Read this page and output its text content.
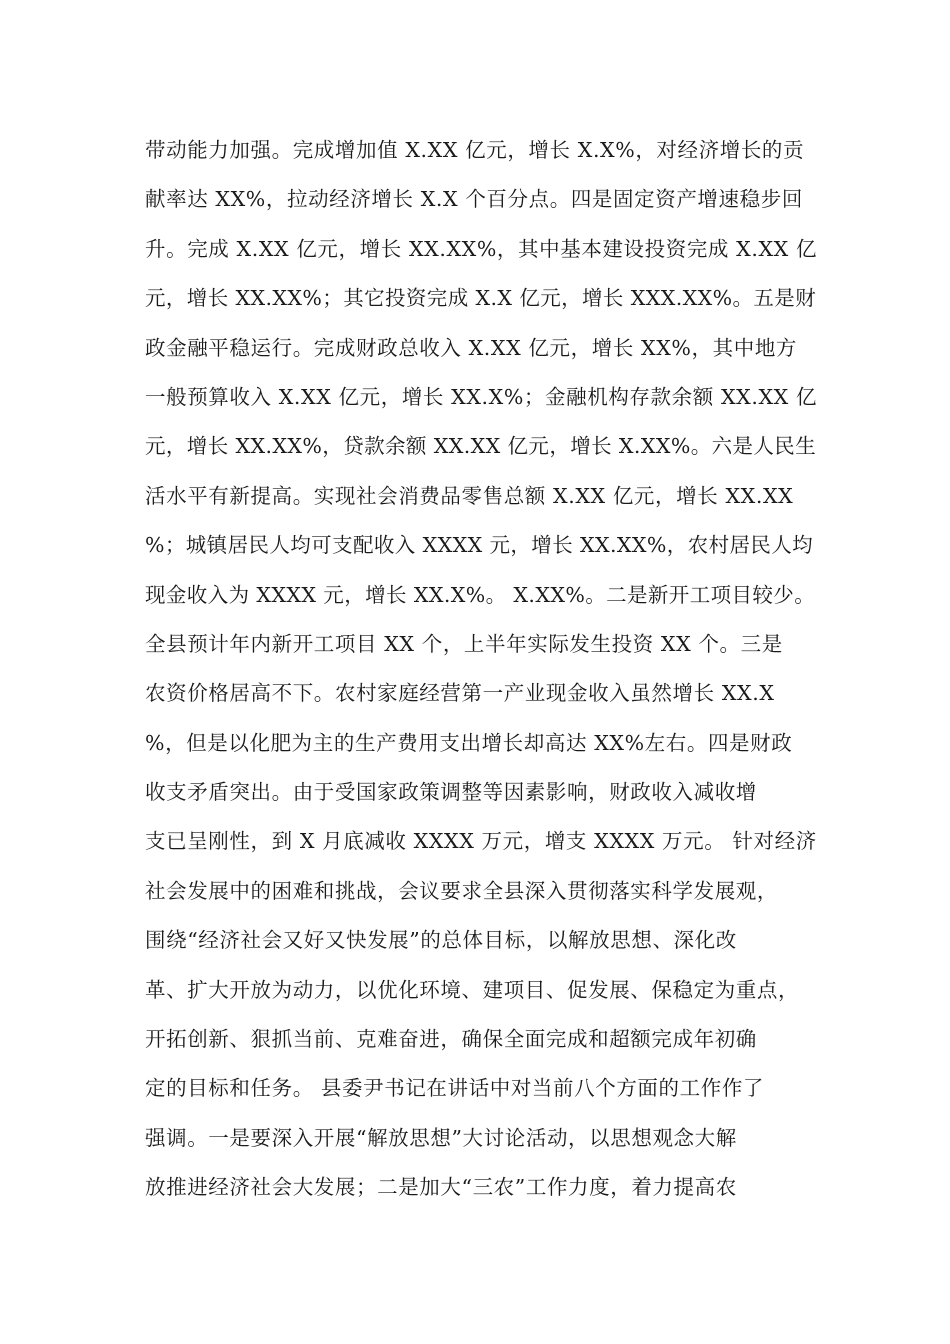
带动能力加强。完成增加值 X.XX 亿元，增长 X.X%，对经济增长的贡
献率达 XX%，拉动经济增长 X.X 个百分点。四是固定资产增速稳步回
升。完成 X.XX 亿元，增长 XX.XX%，其中基本建设投资完成 X.XX 亿
元，增长 XX.XX%；其它投资完成 X.X 亿元，增长 XXX.XX%。五是财
政金融平稳运行。完成财政总收入 X.XX 亿元，增长 XX%，其中地方
一般预算收入 X.XX 亿元，增长 XX.X%；金融机构存款余额 XX.XX 亿
元，增长 XX.XX%，贷款余额 XX.XX 亿元，增长 X.XX%。六是人民生
活水平有新提高。实现社会消费品零售总额 X.XX 亿元，增长 XX.XX
%；城镇居民人均可支配收入 XXXX 元，增长 XX.XX%，农村居民人均
现金收入为 XXXX 元，增长 XX.X%。 X.XX%。二是新开工项目较少。
全县预计年内新开工项目 XX 个，上半年实际发生投资 XX 个。三是
农资价格居高不下。农村家庭经营第一产业现金收入虽然增长 XX.X
%，但是以化肥为主的生产费用支出增长却高达 XX%左右。四是财政
收支矛盾突出。由于受国家政策调整等因素影响，财政收入减收增
支已呈刚性，到 X 月底减收 XXXX 万元，增支 XXXX 万元。 针对经济
社会发展中的困难和挑战，会议要求全县深入贯彻落实科学发展观，
围绕“经济社会又好又快发展”的总体目标，以解放思想、深化改
革、扩大开放为动力，以优化环境、建项目、促发展、保稳定为重点，
开拓创新、狠抓当前、克难奋进，确保全面完成和超额完成年初确
定的目标和任务。 县委尹书记在讲话中对当前八个方面的工作作了
强调。一是要深入开展“解放思想”大讨论活动，以思想观念大解
放推进经济社会大发展；二是加大“三农”工作力度，着力提高农
